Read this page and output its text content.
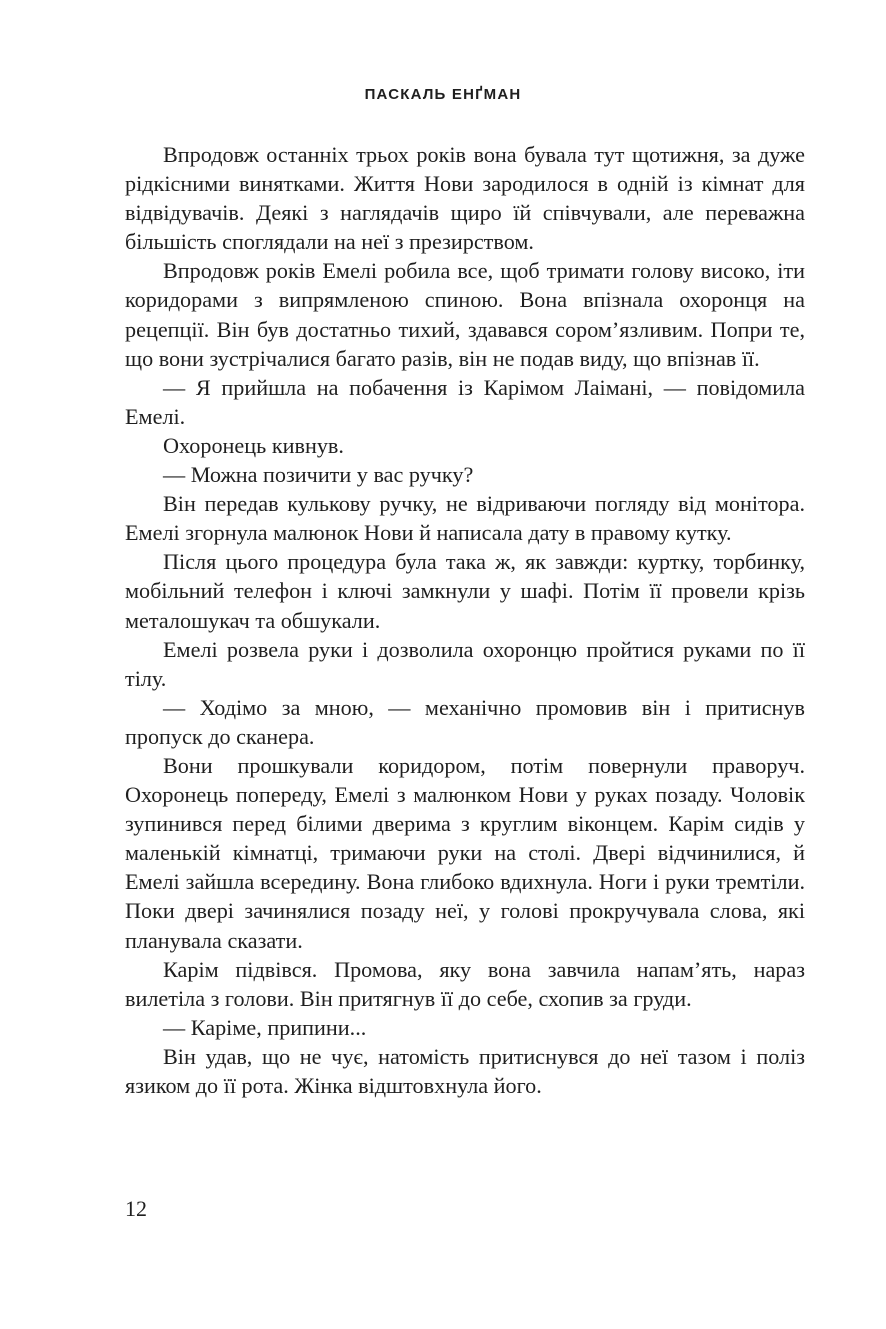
ПАСКАЛЬ ЕНҐМАН

Впродовж останніх трьох років вона бувала тут щотижня, за дуже рідкісними винятками. Життя Нови зародилося в одній із кімнат для відвідувачів. Деякі з наглядачів щиро їй співчували, але переважна більшість споглядали на неї з презирством.

Впродовж років Емелі робила все, щоб тримати голову високо, іти коридорами з випрямленою спиною. Вона впізнала охоронця на рецепції. Він був достатньо тихий, здавався сором’язливим. Попри те, що вони зустрічалися багато разів, він не подав виду, що впізнав її.

— Я прийшла на побачення із Карімом Лаімані, — повідомила Емелі.

Охоронець кивнув.

— Можна позичити у вас ручку?

Він передав кулькову ручку, не відриваючи погляду від монітора. Емелі згорнула малюнок Нови й написала дату в правому кутку.

Після цього процедура була така ж, як завжди: куртку, торбинку, мобільний телефон і ключі замкнули у шафі. Потім її провели крізь металошукач та обшукали.

Емелі розвела руки і дозволила охоронцю пройтися руками по її тілу.

— Ходімо за мною, — механічно промовив він і притиснув пропуск до сканера.

Вони прошкували коридором, потім повернули праворуч. Охоронець попереду, Емелі з малюнком Нови у руках позаду. Чоловік зупинився перед білими дверима з круглим віконцем. Карім сидів у маленькій кімнатці, тримаючи руки на столі. Двері відчинилися, й Емелі зайшла всередину. Вона глибоко вдихнула. Ноги і руки тремтіли. Поки двері зачинялися позаду неї, у голові прокручувала слова, які планувала сказати.

Карім підвівся. Промова, яку вона завчила напам’ять, нараз вилетіла з голови. Він притягнув її до себе, схопив за груди.

— Каріме, припини...

Він удав, що не чує, натомість притиснувся до неї тазом і поліз язиком до її рота. Жінка відштовхнула його.

12
